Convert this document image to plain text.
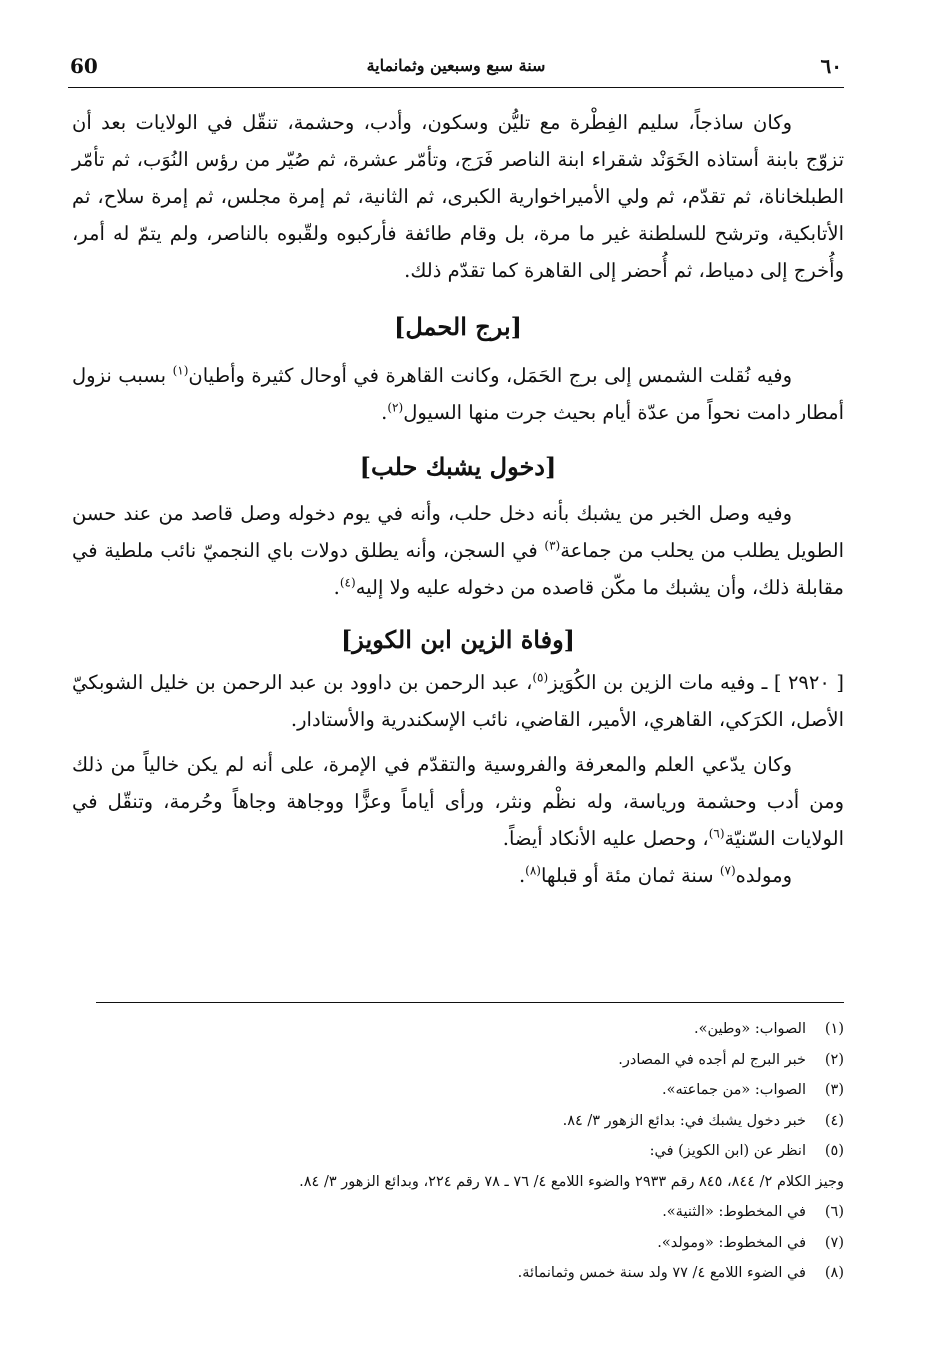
60	سنة سبع وسبعين وثمانماية	٦٠

وكان ساذجاً، سليم الفِطْرة مع تليُّن وسكون، وأدب، وحشمة، تنقّل في الولايات بعد أن تزوّج بابنة أستاذه الخَوَنْد شقراء ابنة الناصر فَرَج، وتأمّر عشرة، ثم صُيّر من رؤس النُوَب، ثم تأمّر الطبلخاناة، ثم تقدّم، ثم ولي الأميراخوارية الكبرى، ثم الثانية، ثم إمرة مجلس، ثم إمرة سلاح، ثم الأتابكية، وترشح للسلطنة غير ما مرة، بل وقام طائفة فأركبوه ولقّبوه بالناصر، ولم يتمّ له أمر، وأُخرج إلى دمياط، ثم أُحضر إلى القاهرة كما تقدّم ذلك.

[برج الحمل]

وفيه نُقلت الشمس إلى برج الحَمَل، وكانت القاهرة في أوحال كثيرة وأطيان$^{(١)}$ بسبب نزول أمطار دامت نحواً من عدّة أيام بحيث جرت منها السيول$^{(٢)}$.

[دخول يشبك حلب]

وفيه وصل الخبر من يشبك بأنه دخل حلب، وأنه في يوم دخوله وصل قاصد من عند حسن الطويل يطلب من يحلب من جماعة$^{(٣)}$ في السجن، وأنه يطلق دولات باي النجميّ نائب ملطية في مقابلة ذلك، وأن يشبك ما مكّن قاصده من دخوله عليه ولا إليه$^{(٤)}$.

[وفاة الزين ابن الكويز]

[ ٢٩٢٠ ] ـ وفيه مات الزين بن الكُوَيز$^{(٥)}$، عبد الرحمن بن داوود بن عبد الرحمن بن خليل الشوبكيّ الأصل، الكرَكي، القاهري، الأمير، القاضي، نائب الإسكندرية والأستادار.

وكان يدّعي العلم والمعرفة والفروسية والتقدّم في الإمرة، على أنه لم يكن خالياً من ذلك ومن أدب وحشمة ورياسة، وله نظْم ونثر، ورأى أياماً وعزًّا ووجاهة وجاهاً وحُرمة، وتنقّل في الولايات السّنيّة$^{(٦)}$، وحصل عليه الأنكاد أيضاً.

ومولده$^{(٧)}$ سنة ثمان مئة أو قبلها$^{(٨)}$.

(١)
الصواب: «وطين».
(٢)
خبر البرج لم أجده في المصادر.
(٣)
الصواب: «من جماعته».
(٤)
خبر دخول يشبك في: بدائع الزهور ٣/ ٨٤.
(٥)
انظر عن (ابن الكويز) في:
وجيز الكلام ٢/ ٨٤٤، ٨٤٥ رقم ٢٩٣٣ والضوء اللامع ٤/ ٧٦ ـ ٧٨ رقم ٢٢٤، وبدائع الزهور ٣/ ٨٤.
(٦)
في المخطوط: «الثنية».
(٧)
في المخطوط: «ومولد».
(٨)
في الضوء اللامع ٤/ ٧٧ ولد سنة خمس وثمانمائة.
